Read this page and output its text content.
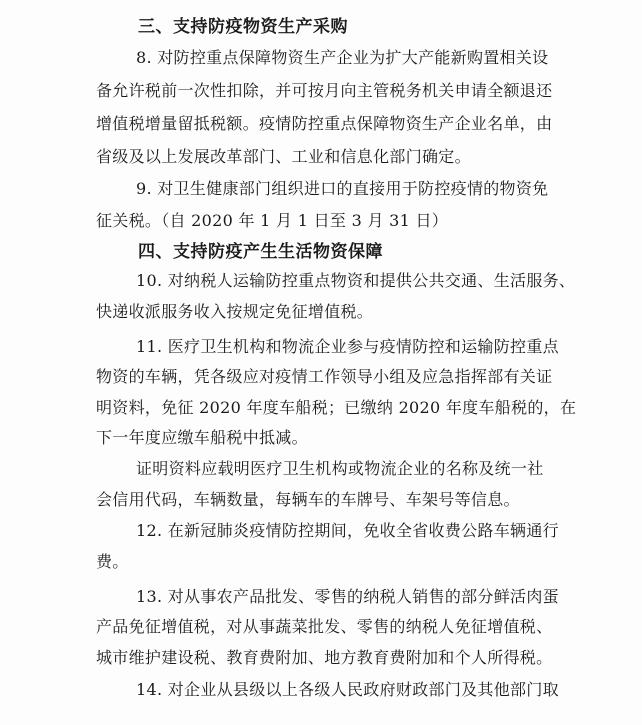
三、支持防疫物资生产采购
8. 对防控重点保障物资生产企业为扩大产能新购置相关设
备允许税前一次性扣除，并可按月向主管税务机关申请全额退还
增值税增量留抵税额。疫情防控重点保障物资生产企业名单，由
省级及以上发展改革部门、工业和信息化部门确定。
9. 对卫生健康部门组织进口的直接用于防控疫情的物资免
征关税。（自 2020 年 1 月 1 日至 3 月 31 日）
四、支持防疫产生生活物资保障
10. 对纳税人运输防控重点物资和提供公共交通、生活服务、
快递收派服务收入按规定免征增值税。
11. 医疗卫生机构和物流企业参与疫情防控和运输防控重点
物资的车辆，凭各级应对疫情工作领导小组及应急指挥部有关证
明资料，免征 2020 年度车船税；已缴纳 2020 年度车船税的，在
下一年度应缴车船税中抵减。
证明资料应载明医疗卫生机构或物流企业的名称及统一社
会信用代码，车辆数量，每辆车的车牌号、车架号等信息。
12. 在新冠肺炎疫情防控期间，免收全省收费公路车辆通行
费。
13. 对从事农产品批发、零售的纳税人销售的部分鲜活肉蛋
产品免征增值税，对从事蔬菜批发、零售的纳税人免征增值税、
城市维护建设税、教育费附加、地方教育费附加和个人所得税。
14. 对企业从县级以上各级人民政府财政部门及其他部门取
